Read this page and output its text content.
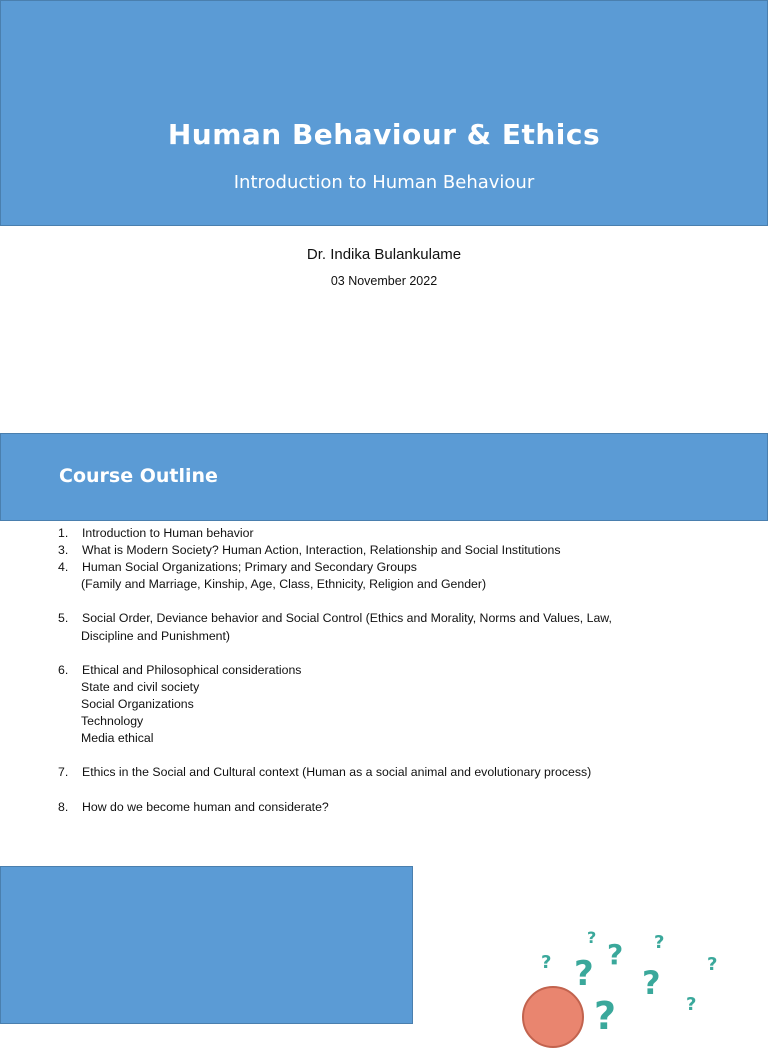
Human Behaviour & Ethics
Introduction to Human Behaviour
Dr. Indika Bulankulame
03 November 2022
Course Outline
1.	Introduction to Human behavior
3.	What is Modern Society? Human Action, Interaction, Relationship and Social Institutions
4.	Human Social Organizations; Primary and Secondary Groups
(Family and Marriage, Kinship, Age, Class, Ethnicity, Religion and Gender)
5.	Social Order, Deviance behavior and Social Control (Ethics and Morality, Norms and Values, Law,
Discipline and Punishment)
6.	Ethical and Philosophical considerations
State and civil society
Social Organizations
Technology
Media ethical
7.	Ethics in the Social and Cultural context (Human as a social animal and evolutionary process)
8.	How do we become human and considerate?
?
? ?
? ? ?	?
?
?
